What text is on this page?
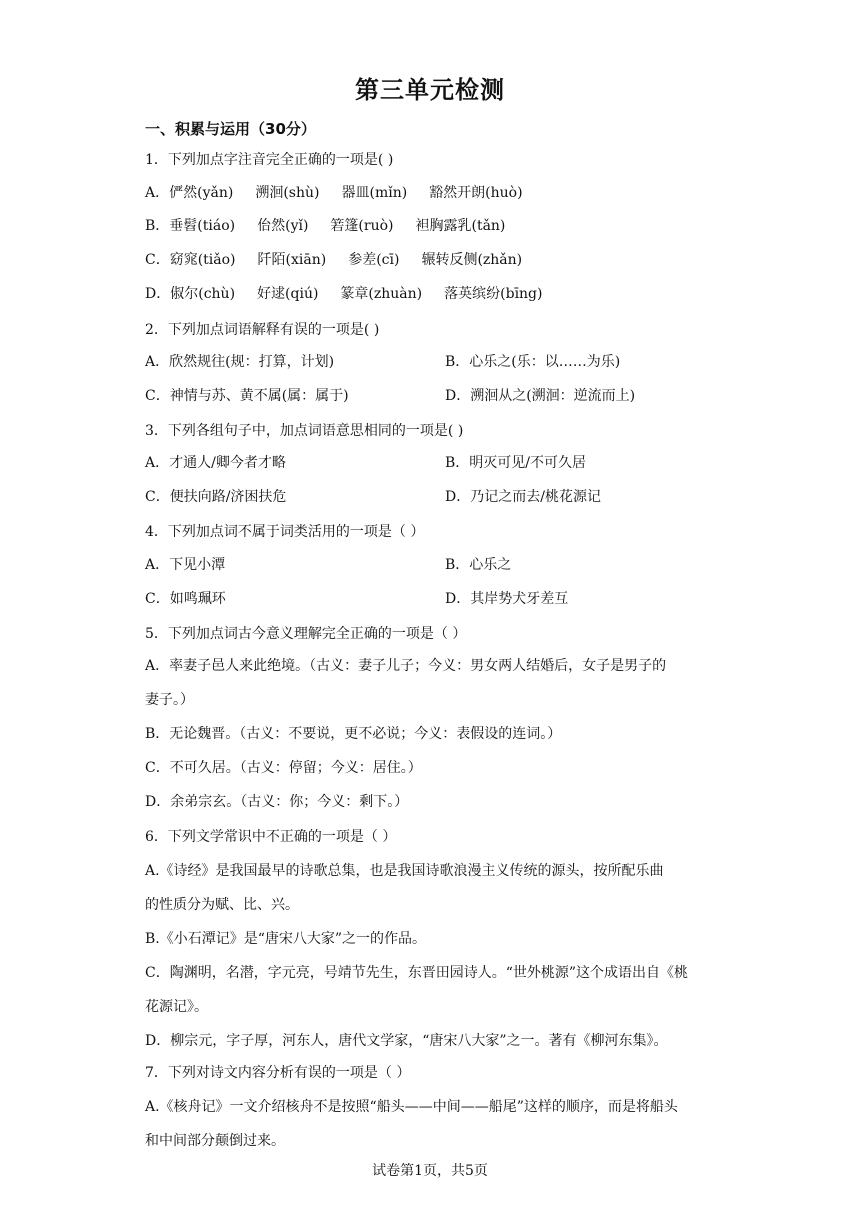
第三单元检测
一、积累与运用（30分）
1．下列加点字注音完全正确的一项是( )
A．俨然(yǎn) 溯洄(shù) 器皿(mǐn) 豁然开朗(huò)
B．垂髫(tiáo) 佁然(yǐ) 箬篷(ruò) 袒胸露乳(tǎn)
C．窈窕(tiǎo) 阡陌(xiān) 参差(cī) 辗转反侧(zhǎn)
D．俶尔(chù) 好逑(qiú) 篆章(zhuàn) 落英缤纷(bīng)
2．下列加点词语解释有误的一项是( )
A．欣然规往(规：打算，计划)	B．心乐之(乐：以……为乐)
C．神情与苏、黄不属(属：属于)	D．溯洄从之(溯洄：逆流而上)
3．下列各组句子中，加点词语意思相同的一项是( )
A．才通人/卿今者才略	B．明灭可见/不可久居
C．便扶向路/济困扶危	D．乃记之而去/桃花源记
4．下列加点词不属于词类活用的一项是（ ）
A．下见小潭	B．心乐之
C．如鸣珮环	D．其岸势犬牙差互
5．下列加点词古今意义理解完全正确的一项是（ ）
A．率妻子邑人来此绝境。（古义：妻子儿子；今义：男女两人结婚后，女子是男子的
妻子。）
B．无论魏晋。（古义：不要说，更不必说；今义：表假设的连词。）
C．不可久居。（古义：停留；今义：居住。）
D．余弟宗玄。（古义：你；今义：剩下。）
6．下列文学常识中不正确的一项是（ ）
A.《诗经》是我国最早的诗歌总集，也是我国诗歌浪漫主义传统的源头，按所配乐曲
的性质分为赋、比、兴。
B.《小石潭记》是“唐宋八大家”之一的作品。
C．陶渊明，名潜，字元亮，号靖节先生，东晋田园诗人。“世外桃源”这个成语出自《桃
花源记》。
D．柳宗元，字子厚，河东人，唐代文学家，“唐宋八大家”之一。著有《柳河东集》。
7．下列对诗文内容分析有误的一项是（ ）
A.《核舟记》一文介绍核舟不是按照“船头——中间——船尾”这样的顺序，而是将船头
和中间部分颠倒过来。
试卷第1页，共5页
